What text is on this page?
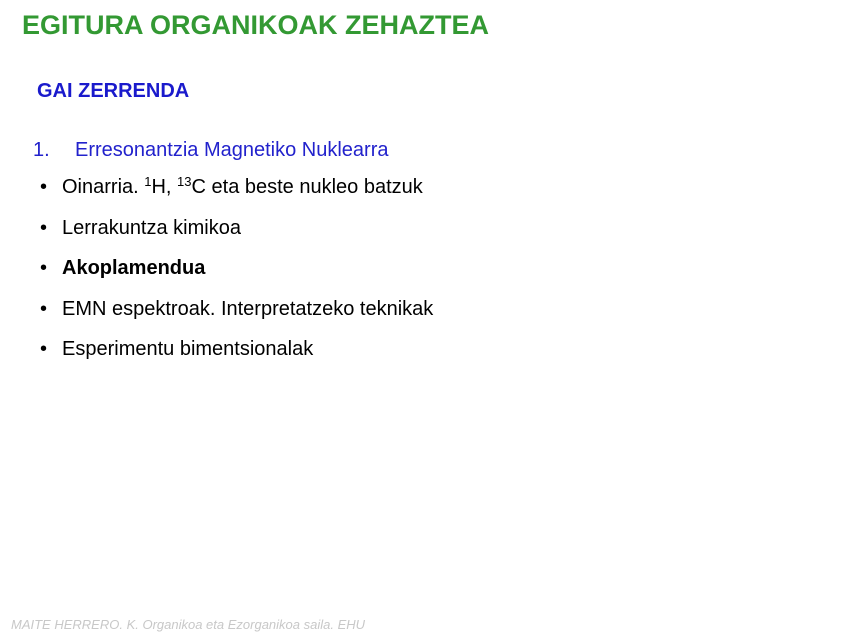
EGITURA ORGANIKOAK ZEHAZTEA
GAI ZERRENDA
1. Erresonantzia Magnetiko Nuklearra
• Oinarria. $^1$H, $^{13}$C eta beste nukleo batzuk
• Lerrakuntza kimikoa
• Akoplamendua
• EMN espektroak. Interpretatzeko teknikak
• Esperimentu bimentsionalak
MAITE HERRERO. K. Organikoa eta Ezorganikoa saila. EHU
